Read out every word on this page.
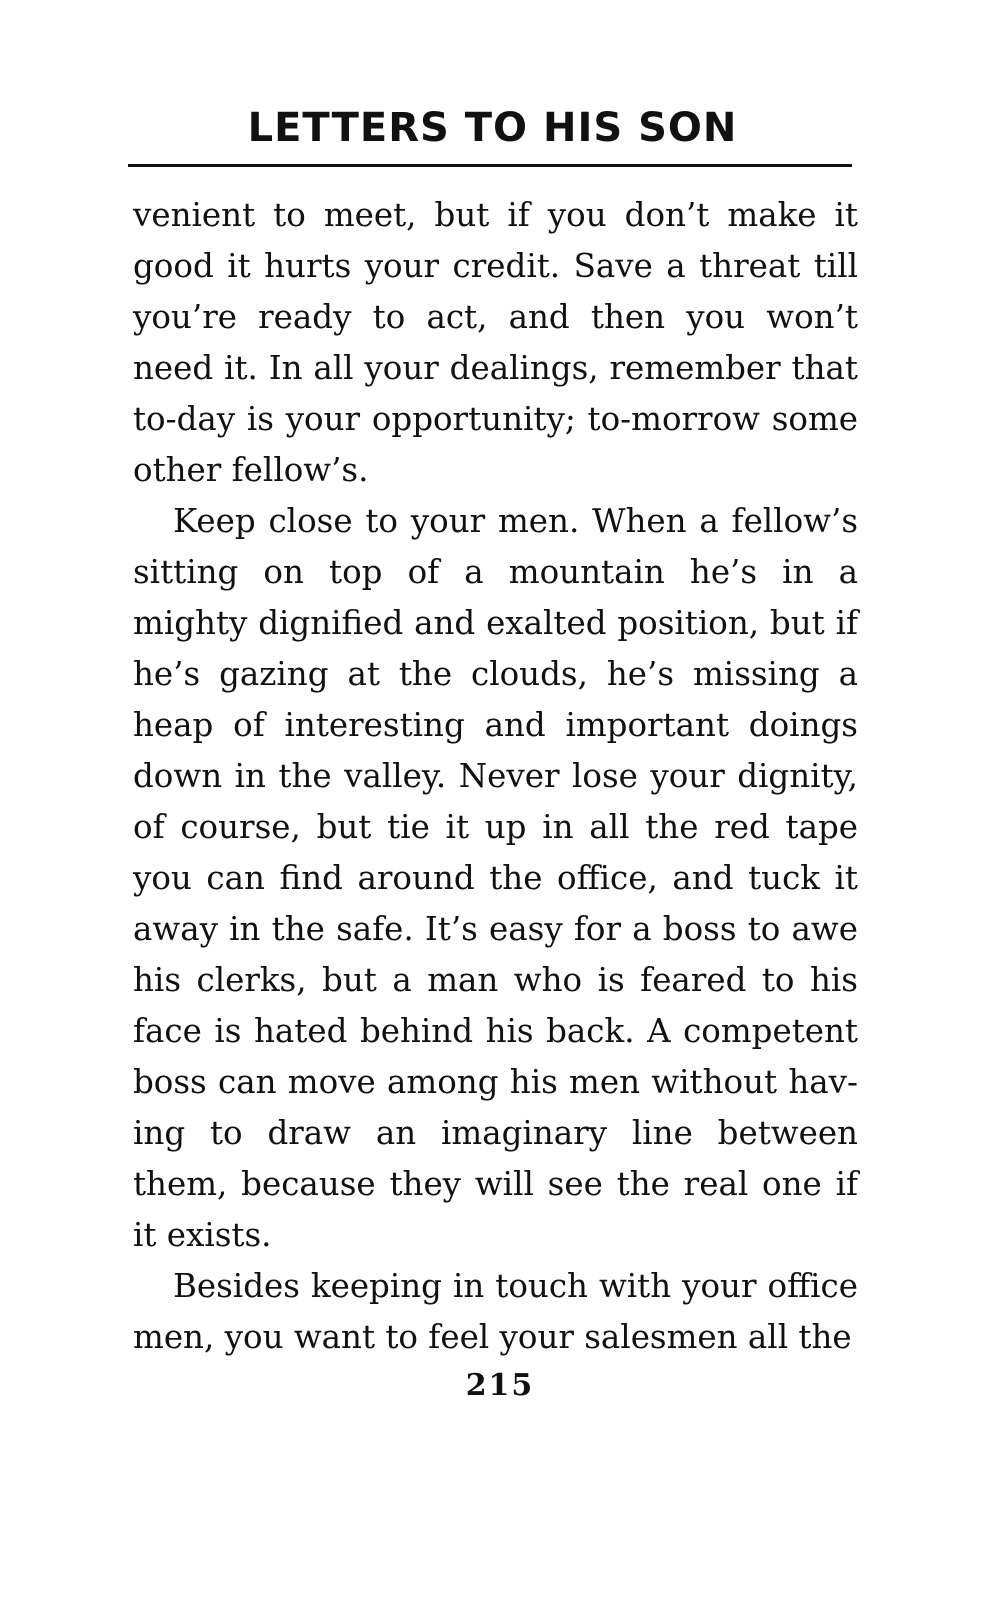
LETTERS TO HIS SON

venient to meet, but if you don’t make it good it hurts your credit. Save a threat till you’re ready to act, and then you won’t need it. In all your dealings, remember that to-day is your opportunity; to-morrow some other fellow’s.

Keep close to your men. When a fellow’s sitting on top of a mountain he’s in a mighty dignified and exalted position, but if he’s gazing at the clouds, he’s missing a heap of interesting and important doings down in the valley. Never lose your dignity, of course, but tie it up in all the red tape you can find around the office, and tuck it away in the safe. It’s easy for a boss to awe his clerks, but a man who is feared to his face is hated behind his back. A competent boss can move among his men without having to draw an imaginary line between them, because they will see the real one if it exists.

Besides keeping in touch with your office men, you want to feel your salesmen all the

215
